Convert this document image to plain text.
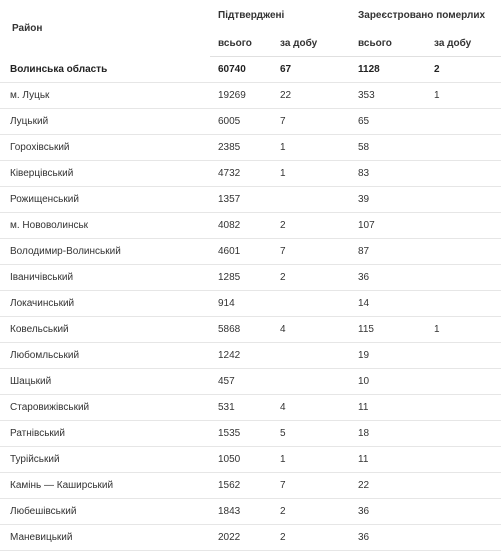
Район	Підтверджені		Зареєстровано померлих	
	всього	за добу	всього	за добу
Волинська область	60740	67	1128	2
м. Луцьк	19269	22	353	1
Луцький	6005	7	65	
Горохівський	2385	1	58	
Ківерцівський	4732	1	83	
Рожищенський	1357		39	
м. Нововолинськ	4082	2	107	
Володимир-Волинський	4601	7	87	
Іваничівський	1285	2	36	
Локачинський	914		14	
Ковельський	5868	4	115	1
Любомльський	1242		19	
Шацький	457		10	
Старовижівський	531	4	11	
Ратнівський	1535	5	18	
Турійський	1050	1	11	
Камінь — Каширський	1562	7	22	
Любешівський	1843	2	36	
Маневицький	2022	2	36	
